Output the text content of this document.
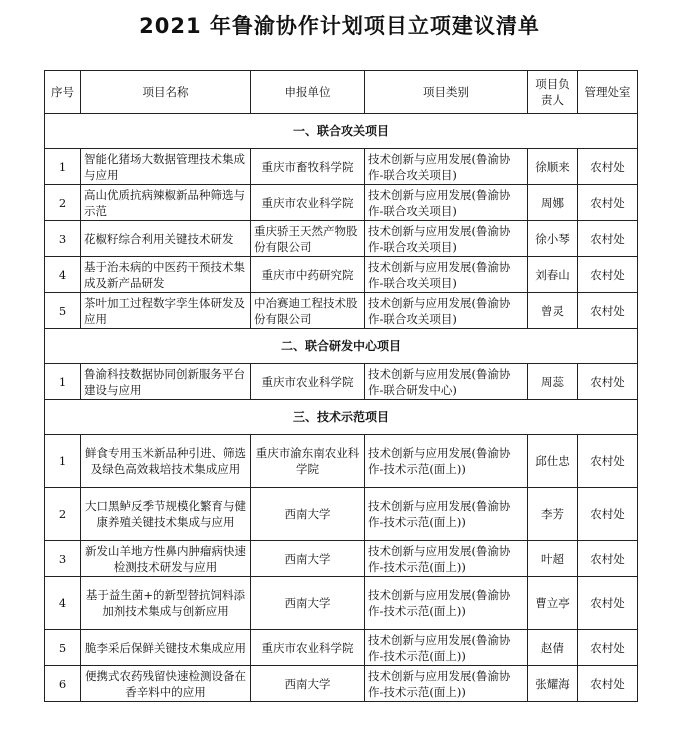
2021 年鲁渝协作计划项目立项建议清单
序号	项目名称	申报单位	项目类别	项目负责人	管理处室
一、联合攻关项目					
1	智能化猪场大数据管理技术集成与应用	重庆市畜牧科学院	技术创新与应用发展(鲁渝协作-联合攻关项目)	徐顺来	农村处
2	高山优质抗病辣椒新品种筛选与示范	重庆市农业科学院	技术创新与应用发展(鲁渝协作-联合攻关项目)	周娜	农村处
3	花椒籽综合利用关键技术研发	重庆骄王天然产物股份有限公司	技术创新与应用发展(鲁渝协作-联合攻关项目)	徐小琴	农村处
4	基于治未病的中医药干预技术集成及新产品研发	重庆市中药研究院	技术创新与应用发展(鲁渝协作-联合攻关项目)	刘春山	农村处
5	茶叶加工过程数字孪生体研发及应用	中冶赛迪工程技术股份有限公司	技术创新与应用发展(鲁渝协作-联合攻关项目)	曾灵	农村处
二、联合研发中心项目					
1	鲁渝科技数据协同创新服务平台建设与应用	重庆市农业科学院	技术创新与应用发展(鲁渝协作-联合研发中心)	周蕊	农村处
三、技术示范项目					
1	鲜食专用玉米新品种引进、筛选及绿色高效栽培技术集成应用	重庆市渝东南农业科学院	技术创新与应用发展(鲁渝协作-技术示范(面上))	邱仕忠	农村处
2	大口黑鲈反季节规模化繁育与健康养殖关键技术集成与应用	西南大学	技术创新与应用发展(鲁渝协作-技术示范(面上))	李芳	农村处
3	新发山羊地方性鼻内肿瘤病快速检测技术研发与应用	西南大学	技术创新与应用发展(鲁渝协作-技术示范(面上))	叶超	农村处
4	基于益生菌+的新型替抗饲料添加剂技术集成与创新应用	西南大学	技术创新与应用发展(鲁渝协作-技术示范(面上))	曹立亭	农村处
5	脆李采后保鲜关键技术集成应用	重庆市农业科学院	技术创新与应用发展(鲁渝协作-技术示范(面上))	赵倩	农村处
6	便携式农药残留快速检测设备在香辛料中的应用	西南大学	技术创新与应用发展(鲁渝协作-技术示范(面上))	张耀海	农村处
